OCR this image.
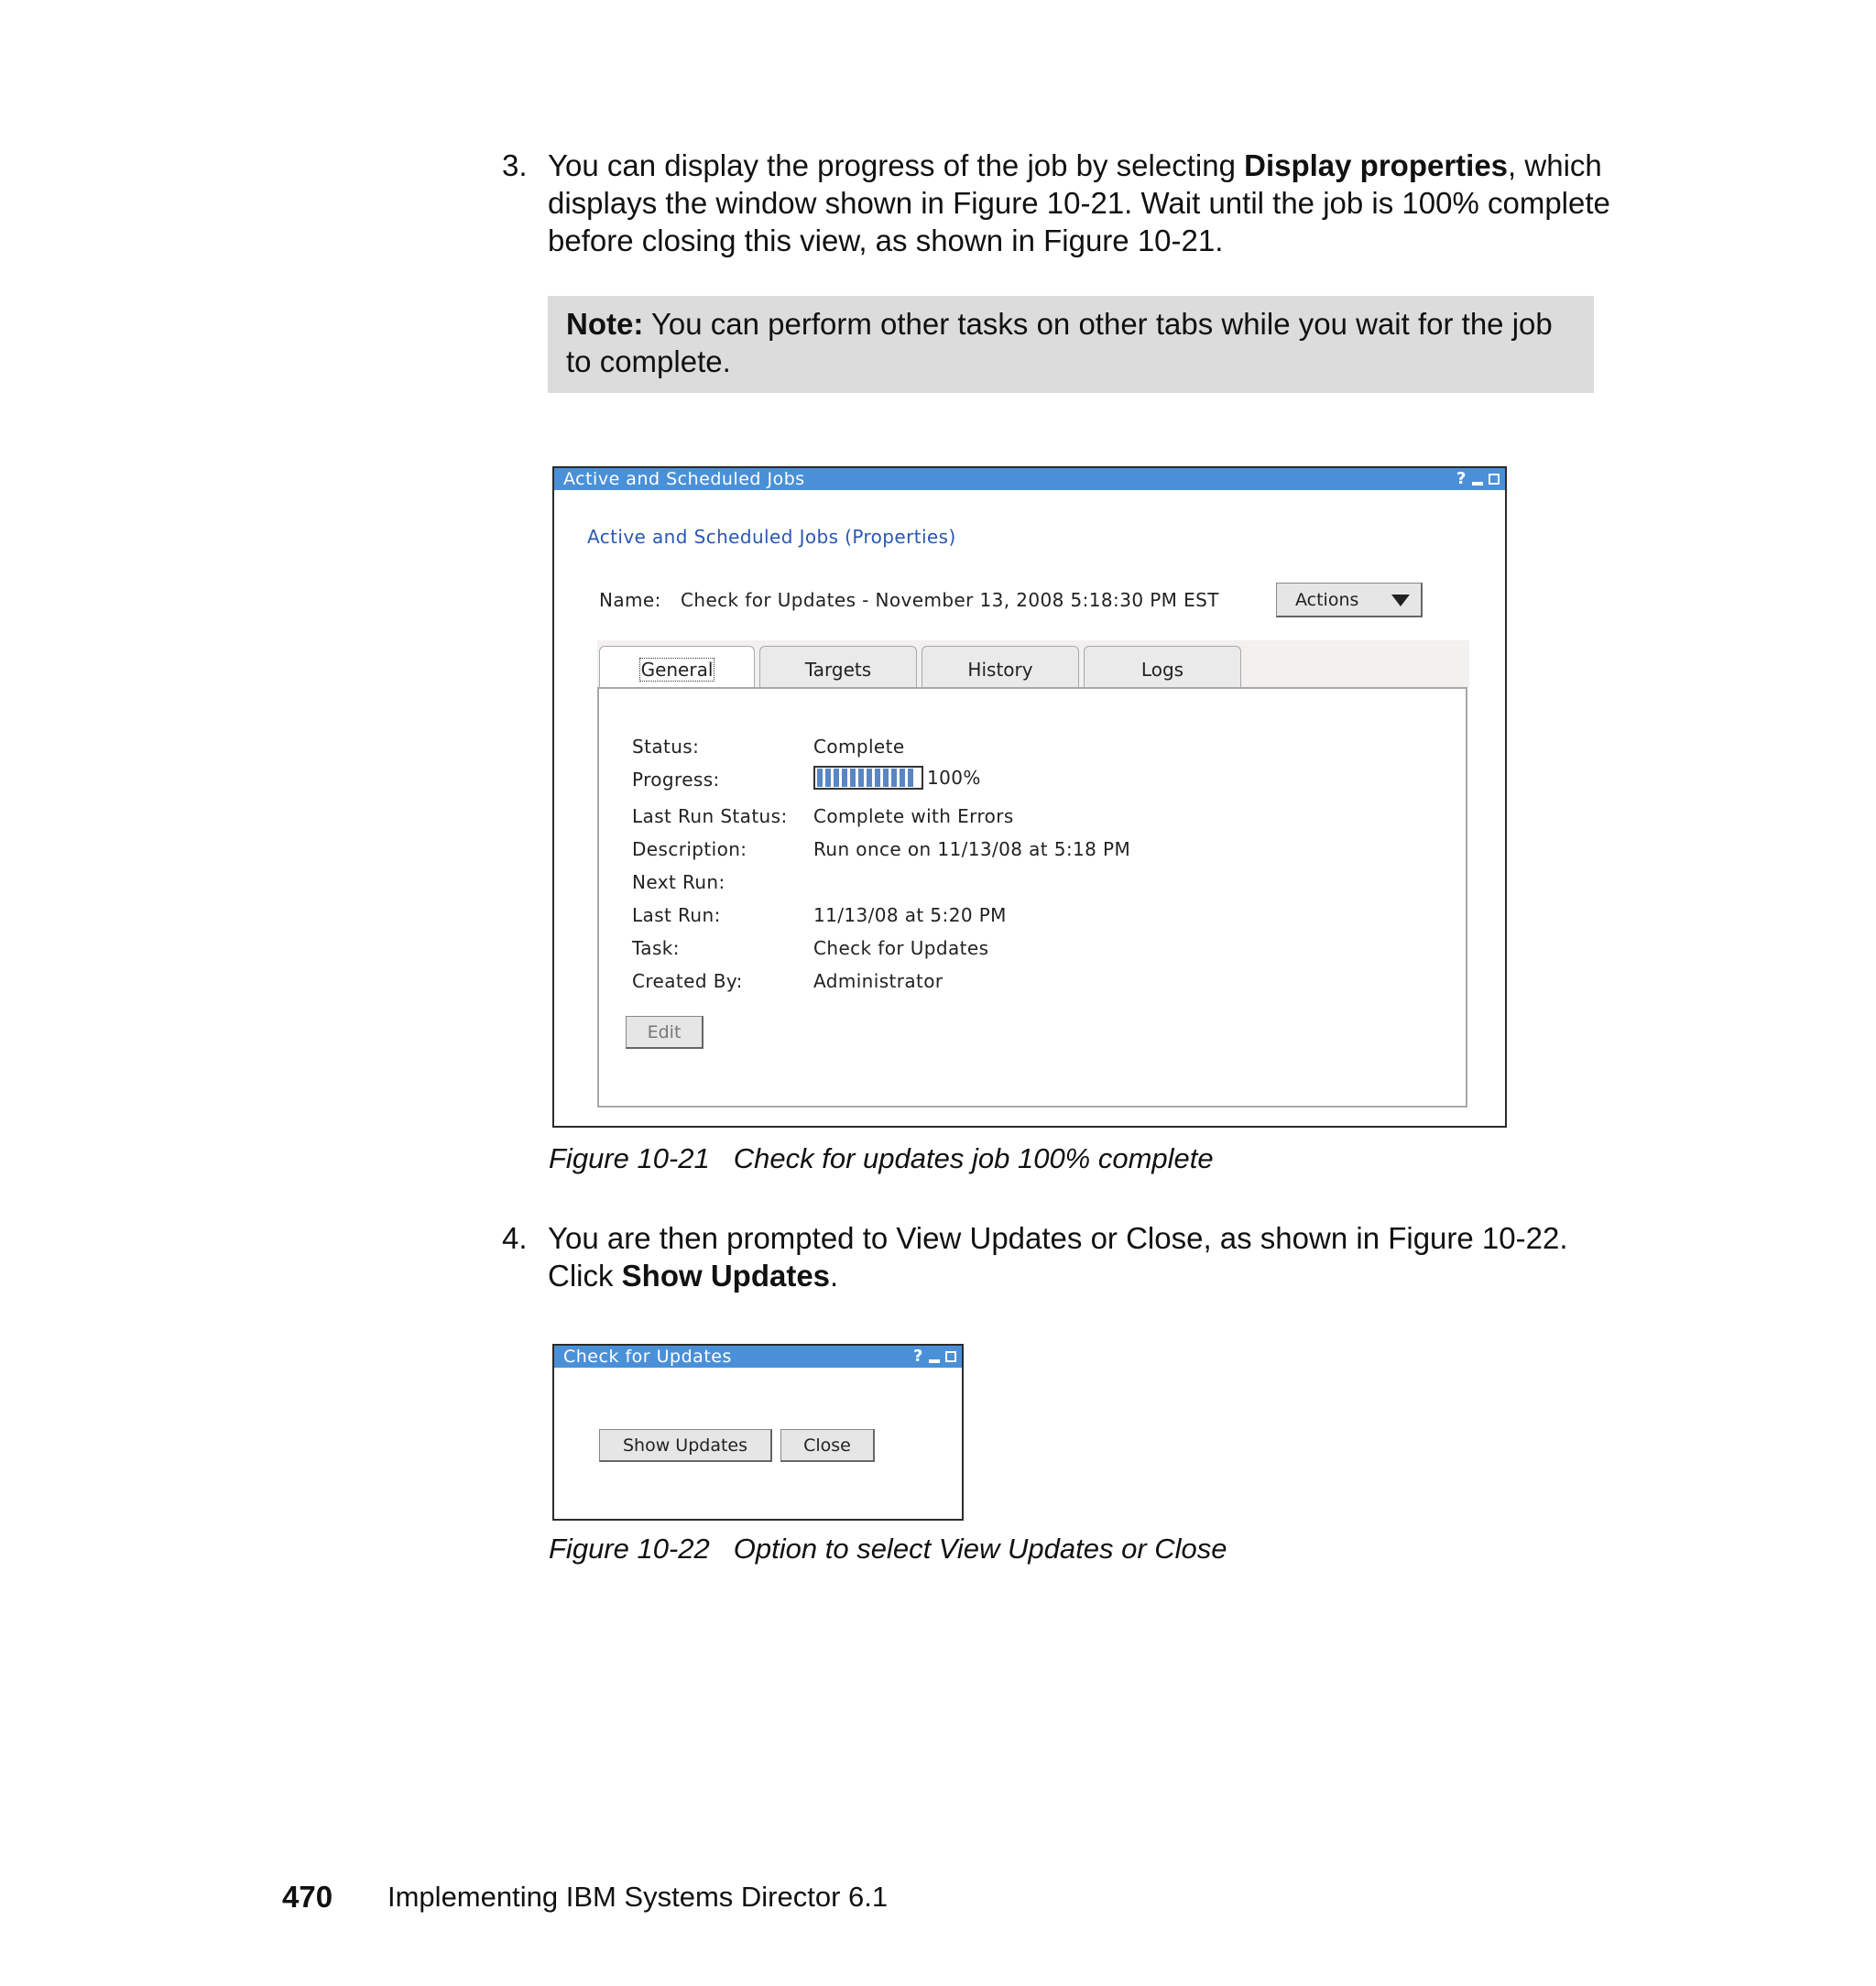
3. You can display the progress of the job by selecting Display properties, which displays the window shown in Figure 10-21. Wait until the job is 100% complete before closing this view, as shown in Figure 10-21.
Note: You can perform other tasks on other tabs while you wait for the job to complete.
Active and Scheduled Jobs	?
Active and Scheduled Jobs (Properties)
Name: Check for Updates - November 13, 2008 5:18:30 PM EST	Actions
General	Targets	History	Logs
Status:	Complete
Progress:	100%
Last Run Status: Complete with Errors
Description:	Run once on 11/13/08 at 5:18 PM
Next Run:
Last Run:	11/13/08 at 5:20 PM
Task:	Check for Updates
Created By:	Administrator
Edit
Figure 10-21 Check for updates job 100% complete
4. You are then prompted to View Updates or Close, as shown in Figure 10-22. Click Show Updates.
Check for Updates	?
Show Updates	Close
Figure 10-22 Option to select View Updates or Close
470 Implementing IBM Systems Director 6.1
